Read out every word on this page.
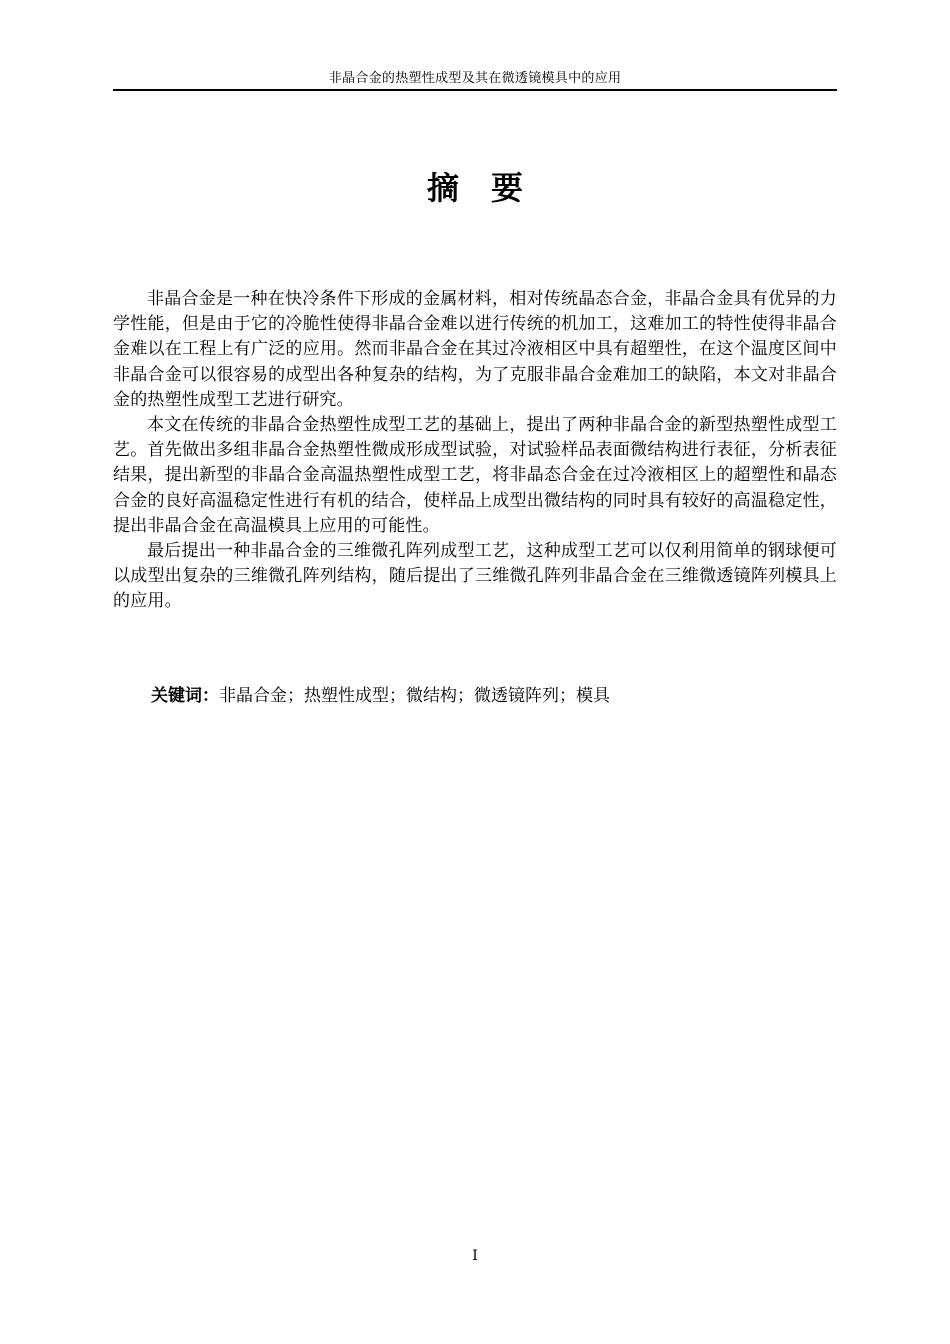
非晶合金的热塑性成型及其在微透镜模具中的应用
摘　要

非晶合金是一种在快冷条件下形成的金属材料，相对传统晶态合金，非晶合金具有优异的力学性能，但是由于它的冷脆性使得非晶合金难以进行传统的机加工，这难加工的特性使得非晶合金难以在工程上有广泛的应用。然而非晶合金在其过冷液相区中具有超塑性，在这个温度区间中非晶合金可以很容易的成型出各种复杂的结构，为了克服非晶合金难加工的缺陷，本文对非晶合金的热塑性成型工艺进行研究。

本文在传统的非晶合金热塑性成型工艺的基础上，提出了两种非晶合金的新型热塑性成型工艺。首先做出多组非晶合金热塑性微成形成型试验，对试验样品表面微结构进行表征，分析表征结果，提出新型的非晶合金高温热塑性成型工艺，将非晶态合金在过冷液相区上的超塑性和晶态合金的良好高温稳定性进行有机的结合，使样品上成型出微结构的同时具有较好的高温稳定性，提出非晶合金在高温模具上应用的可能性。

最后提出一种非晶合金的三维微孔阵列成型工艺，这种成型工艺可以仅利用简单的钢球便可以成型出复杂的三维微孔阵列结构，随后提出了三维微孔阵列非晶合金在三维微透镜阵列模具上的应用。

关键词：非晶合金；热塑性成型；微结构；微透镜阵列；模具
I
